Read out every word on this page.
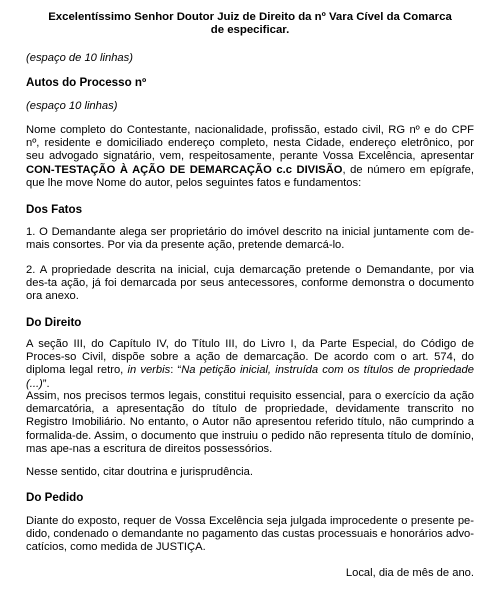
Excelentíssimo Senhor Doutor Juiz de Direito da nº Vara Cível da Comarca
de especificar.

(espaço de 10 linhas)

Autos do Processo nº

(espaço 10 linhas)

Nome completo do Contestante, nacionalidade, profissão, estado civil, RG nº e do CPF nº, residente e domiciliado endereço completo, nesta Cidade, endereço eletrônico, por seu advogado signatário, vem, respeitosamente, perante Vossa Excelência, apresentar CON-TESTAÇÃO À AÇÃO DE DEMARCAÇÃO c.c DIVISÃO, de número em epígrafe, que lhe move Nome do autor, pelos seguintes fatos e fundamentos:

Dos Fatos

1. O Demandante alega ser proprietário do imóvel descrito na inicial juntamente com de-mais consortes. Por via da presente ação, pretende demarcá-lo.

2. A propriedade descrita na inicial, cuja demarcação pretende o Demandante, por via des-ta ação, já foi demarcada por seus antecessores, conforme demonstra o documento ora anexo.

Do Direito

A seção III, do Capítulo IV, do Título III, do Livro I, da Parte Especial, do Código de Proces-so Civil, dispõe sobre a ação de demarcação. De acordo com o art. 574, do diploma legal retro, in verbis: “Na petição inicial, instruída com os títulos de propriedade (...)”.

Assim, nos precisos termos legais, constitui requisito essencial, para o exercício da ação demarcatória, a apresentação do título de propriedade, devidamente transcrito no Registro Imobiliário. No entanto, o Autor não apresentou referido título, não cumprindo a formalida-de. Assim, o documento que instruiu o pedido não representa título de domínio, mas ape-nas a escritura de direitos possessórios.

Nesse sentido, citar doutrina e jurisprudência.

Do Pedido

Diante do exposto, requer de Vossa Excelência seja julgada improcedente o presente pe-dido, condenado o demandante no pagamento das custas processuais e honorários advo-catícios, como medida de JUSTIÇA.

Local, dia de mês de ano.
